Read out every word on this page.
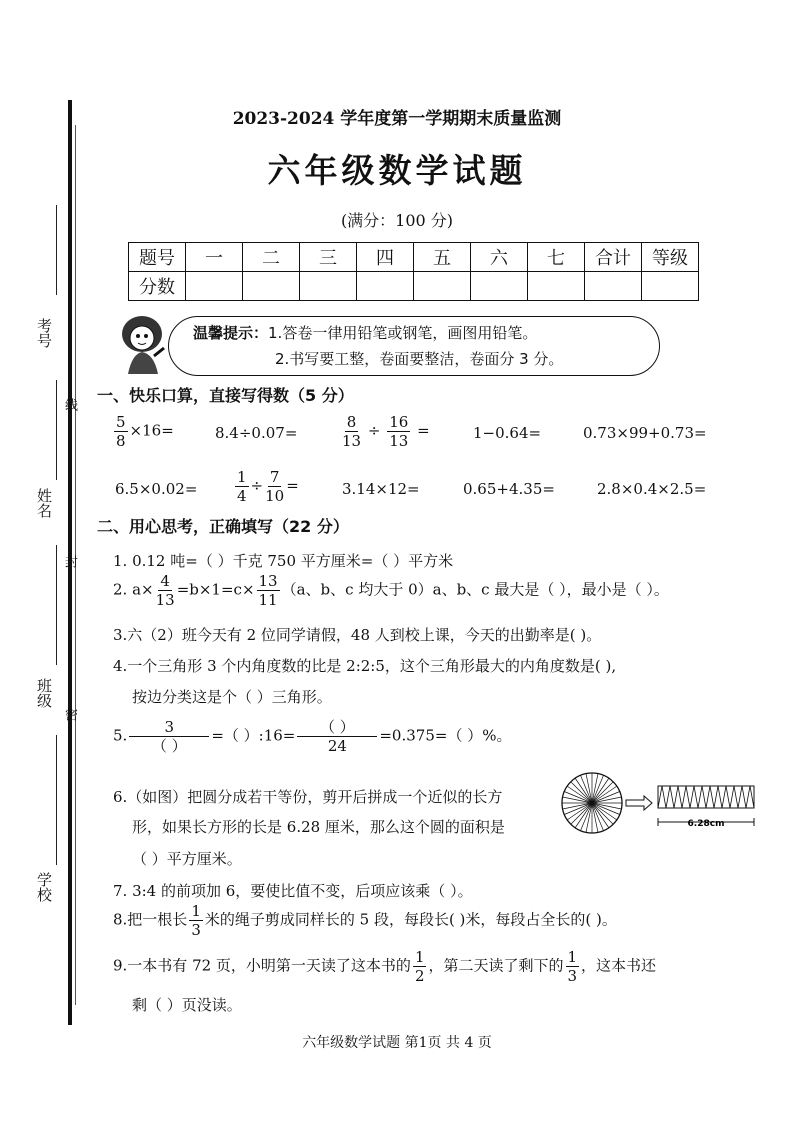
考号
线
姓名
封
班级
密
学校
2023-2024 学年度第一学期期末质量监测
六年级数学试题
(满分：100 分)
题号	一	二	三	四	五	六	七	合计	等级
分数									
温馨提示：1.答卷一律用铅笔或钢笔，画图用铅笔。
2.书写要工整，卷面要整洁，卷面分 3 分。
一、快乐口算，直接写得数（5 分）
$\frac{5}{8} \times 16=$	8.4÷0.07=	$\frac{8}{13} \div \frac{16}{13}$ =	1−0.64=	0.73×99+0.73=
6.5×0.02=	$\frac{1}{4} \div \frac{7}{10}$ =	3.14×12=	0.65+4.35=	2.8×0.4×2.5=
二、用心思考，正确填写（22 分）
1. 0.12 吨=（ ）千克 750 平方厘米=（ ）平方米
2. $a\times \frac{4}{13} =b\times 1=c\times \frac{13}{11} (a$、b、c 均大于 0）a、b、c 最大是（ ），最小是（ ）。
3.六（2）班今天有 2 位同学请假，48 人到校上课，今天的出勤率是( )。
4.一个三角形 3 个内角度数的比是 2:2:5，这个三角形最大的内角度数是( ),
按边分类这是个（ ）三角形。
5. $\frac{3}{( )}$ =（ ）:16= $\frac{( )}{24} =0.375=$（ ）%。
6.（如图）把圆分成若干等份，剪开后拼成一个近似的长方
形，如果长方形的长是 6.28 厘米，那么这个圆的面积是
（ ）平方厘米。
6.28cm
7. 3:4 的前项加 6，要使比值不变，后项应该乘（ ）。
8.把一根长 $\frac{1}{3}$ 米的绳子剪成同样长的 5 段，每段长( )米，每段占全长的( )。
9.一本书有 72 页，小明第一天读了这本书的 $\frac{1}{2}$ ，第二天读了剩下的 $\frac{1}{3}$ ，这本书还
剩（ ）页没读。
六年级数学试题 第1页 共 4 页
